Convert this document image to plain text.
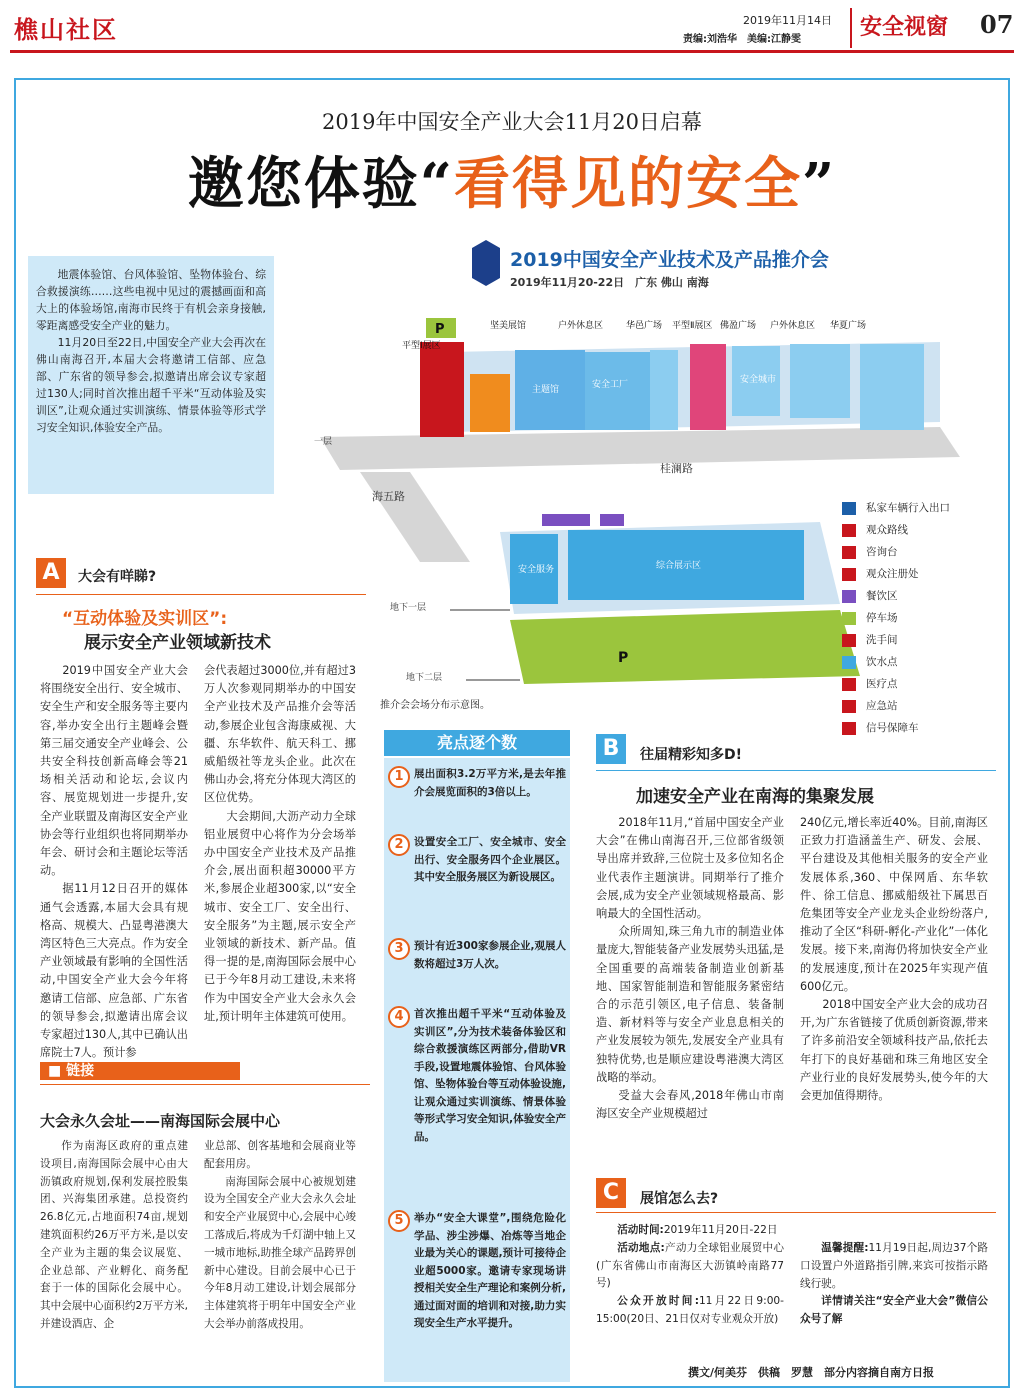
樵山社区	2019年11月14日
责编:刘浩华　美编:江静雯	安全视窗 07
2019年中国安全产业大会11月20日启幕
邀您体验“看得见的安全”

地震体验馆、台风体验馆、坠物体验台、综合救援演练……这些电视中见过的震撼画面和高大上的体验场馆,南海市民终于有机会亲身接触,零距离感受安全产业的魅力。

11月20日至22日,中国安全产业大会再次在佛山南海召开,本届大会将邀请工信部、应急部、广东省的领导参会,拟邀请出席会议专家超过130人;同时首次推出超千平米“互动体验及实训区”,让观众通过实训演练、情景体验等形式学习安全知识,体验安全产品。

2019中国安全产业技术及产品推介会
2019年11月20-22日　广东 佛山 南海
P
平型Ⅰ展区
坚美展馆	户外休息区	华邑广场 平型Ⅱ展区 佛盈广场 户外休息区 华夏广场
主题馆	安全工厂	安全城市
桂澜路
海五路
一层
安全服务	综合展示区
地下一层
P
地下二层
私家车辆行入出口
观众路线
咨询台
观众注册处
餐饮区
停车场
洗手间
饮水点
医疗点
应急站
信号保障车
推介会会场分布示意图。
A	大会有咩睇?
“互动体验及实训区”:
展示安全产业领域新技术

2019中国安全产业大会将围绕安全出行、安全城市、安全生产和安全服务等主要内容,举办安全出行主题峰会暨第三届交通安全产业峰会、公共安全科技创新高峰会等21场相关活动和论坛,会议内容、展览规划进一步提升,安全产业联盟及南海区安全产业协会等行业组织也将同期举办年会、研讨会和主题论坛等活动。

据11月12日召开的媒体通气会透露,本届大会具有规格高、规模大、凸显粤港澳大湾区特色三大亮点。作为安全产业领域最有影响的全国性活动,中国安全产业大会今年将邀请工信部、应急部、广东省的领导参会,拟邀请出席会议专家超过130人,其中已确认出席院士7人。预计参

会代表超过3000位,并有超过3万人次参观同期举办的中国安全产业技术及产品推介会等活动,参展企业包含海康威视、大疆、东华软件、航天科工、挪威船级社等龙头企业。此次在佛山办会,将充分体现大湾区的区位优势。

大会期间,大沥产动力全球铝业展贸中心将作为分会场举办中国安全产业技术及产品推介会,展出面积超30000平方米,参展企业超300家,以“安全城市、安全工厂、安全出行、安全服务”为主题,展示安全产业领域的新技术、新产品。值得一提的是,南海国际会展中心已于今年8月动工建设,未来将作为中国安全产业大会永久会址,预计明年主体建筑可使用。

■ 链接
大会永久会址——南海国际会展中心

作为南海区政府的重点建设项目,南海国际会展中心由大沥镇政府规划,保利发展控股集团、兴海集团承建。总投资约26.8亿元,占地面积74亩,规划建筑面积约26万平方米,是以安全产业为主题的集会议展览、企业总部、产业孵化、商务配套于一体的国际化会展中心。其中会展中心面积约2万平方米,并建设酒店、企

业总部、创客基地和会展商业等配套用房。

南海国际会展中心被规划建设为全国安全产业大会永久会址和安全产业展贸中心,会展中心竣工落成后,将成为千灯湖中轴上又一城市地标,助推全球产品跨界创新中心建设。目前会展中心已于今年8月动工建设,计划会展部分主体建筑将于明年中国安全产业大会举办前落成投用。

亮点逐个数
1 展出面积3.2万平方米,是去年推介会展览面积的3倍以上。
2 设置安全工厂、安全城市、安全出行、安全服务四个企业展区。其中安全服务展区为新设展区。
3 预计有近300家参展企业,观展人数将超过3万人次。
4 首次推出超千平米“互动体验及实训区”,分为技术装备体验区和综合救援演练区两部分,借助VR手段,设置地震体验馆、台风体验馆、坠物体验台等互动体验设施,让观众通过实训演练、情景体验等形式学习安全知识,体验安全产品。
5 举办“安全大课堂”,围绕危险化学品、涉尘涉爆、冶炼等当地企业最为关心的课题,预计可接待企业超5000家。邀请专家现场讲授相关安全生产理论和案例分析,通过面对面的培训和对接,助力实现安全生产水平提升。
B	往届精彩知多D!
加速安全产业在南海的集聚发展

2018年11月,“首届中国安全产业大会”在佛山南海召开,三位部省级领导出席并致辞,三位院士及多位知名企业代表作主题演讲。同期举行了推介会展,成为安全产业领域规格最高、影响最大的全国性活动。

众所周知,珠三角九市的制造业体量庞大,智能装备产业发展势头迅猛,是全国重要的高端装备制造业创新基地、国家智能制造和智能服务紧密结合的示范引领区,电子信息、装备制造、新材料等与安全产业息息相关的产业发展较为领先,发展安全产业具有独特优势,也是顺应建设粤港澳大湾区战略的举动。

受益大会春风,2018年佛山市南海区安全产业规模超过

240亿元,增长率近40%。目前,南海区正致力打造涵盖生产、研发、会展、平台建设及其他相关服务的安全产业发展体系,360、中保网盾、东华软件、徐工信息、挪威船级社下属思百危集团等安全产业龙头企业纷纷落户,推动了全区“科研-孵化-产业化”一体化发展。接下来,南海仍将加快安全产业的发展速度,预计在2025年实现产值600亿元。

2018中国安全产业大会的成功召开,为广东省链接了优质创新资源,带来了许多前沿安全领域科技产品,依托去年打下的良好基础和珠三角地区安全产业行业的良好发展势头,使今年的大会更加值得期待。

C	展馆怎么去?

活动时间:2019年11月20日-22日

活动地点:产动力全球铝业展贸中心(广东省佛山市南海区大沥镇岭南路77号)

公众开放时间:11月22日9:00-15:00(20日、21日仅对专业观众开放)

温馨提醒:11月19日起,周边37个路口设置户外道路指引牌,来宾可按指示路线行驶。

详情请关注“安全产业大会”微信公众号了解

撰文/何美芬　供稿　罗慧　部分内容摘自南方日报
